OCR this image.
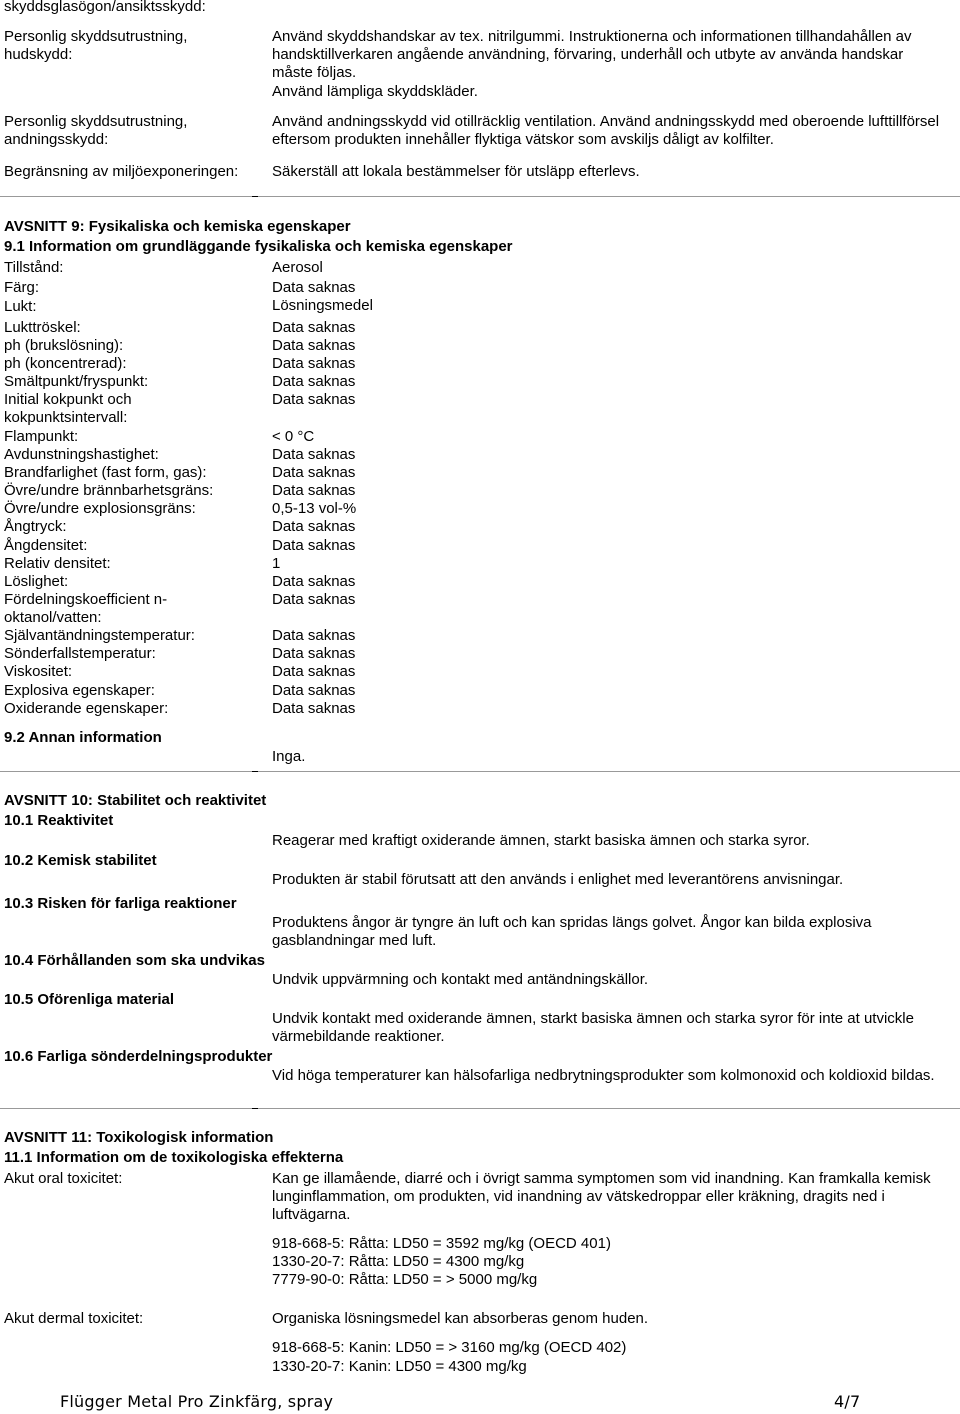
skyddsglasögon/ansiktsskydd:
Personlig skyddsutrustning, hudskydd:
Använd skyddshandskar av tex. nitrilgummi. Instruktionerna och informationen tillhandahållen av handsktillverkaren angående användning, förvaring, underhåll och utbyte av använda handskar måste följas.
Använd lämpliga skyddskläder.
Personlig skyddsutrustning, andningsskydd:
Använd andningsskydd vid otillräcklig ventilation. Använd andningsskydd med oberoende lufttillförsel eftersom produkten innehåller flyktiga vätskor som avskiljs dåligt av kolfilter.
Begränsning av miljöexponeringen:	Säkerställ att lokala bestämmelser för utsläpp efterlevs.
AVSNITT 9: Fysikaliska och kemiska egenskaper
9.1 Information om grundläggande fysikaliska och kemiska egenskaper
Tillstånd:	Aerosol
Färg:	Data saknas
Lukt:	Lösningsmedel
Lukttröskel:	Data saknas
ph (brukslösning):	Data saknas
ph (koncentrerad):	Data saknas
Smältpunkt/fryspunkt:	Data saknas
Initial kokpunkt och kokpunktsintervall:
Data saknas
Flampunkt:	< 0 °C
Avdunstningshastighet:	Data saknas
Brandfarlighet (fast form, gas):	Data saknas
Övre/undre brännbarhetsgräns:	Data saknas
Övre/undre explosionsgräns:	0,5-13 vol-%
Ångtryck:	Data saknas
Ångdensitet:	Data saknas
Relativ densitet:	1
Löslighet:	Data saknas
Fördelningskoefficient n-oktanol/vatten:
Data saknas
Självantändningstemperatur:	Data saknas
Sönderfallstemperatur:	Data saknas
Viskositet:	Data saknas
Explosiva egenskaper:	Data saknas
Oxiderande egenskaper:	Data saknas
9.2 Annan information
Inga.
AVSNITT 10: Stabilitet och reaktivitet
10.1 Reaktivitet
Reagerar med kraftigt oxiderande ämnen, starkt basiska ämnen och starka syror.
10.2 Kemisk stabilitet
Produkten är stabil förutsatt att den används i enlighet med leverantörens anvisningar.
10.3 Risken för farliga reaktioner
Produktens ångor är tyngre än luft och kan spridas längs golvet. Ångor kan bilda explosiva gasblandningar med luft.
10.4 Förhållanden som ska undvikas
Undvik uppvärmning och kontakt med antändningskällor.
10.5 Oförenliga material
Undvik kontakt med oxiderande ämnen, starkt basiska ämnen och starka syror för inte at utvickle värmebildande reaktioner.
10.6 Farliga sönderdelningsprodukter
Vid höga temperaturer kan hälsofarliga nedbrytningsprodukter som kolmonoxid och koldioxid bildas.
AVSNITT 11: Toxikologisk information
11.1 Information om de toxikologiska effekterna
Akut oral toxicitet:	Kan ge illamående, diarré och i övrigt samma symptomen som vid inandning. Kan framkalla kemisk lunginflammation, om produkten, vid inandning av vätskedroppar eller kräkning, dragits ned i luftvägarna.
918-668-5: Råtta: LD50 = 3592 mg/kg (OECD 401)
1330-20-7: Råtta: LD50 = 4300 mg/kg
7779-90-0: Råtta: LD50 = > 5000 mg/kg
Akut dermal toxicitet:	Organiska lösningsmedel kan absorberas genom huden.
918-668-5: Kanin: LD50 = > 3160 mg/kg (OECD 402)
1330-20-7: Kanin: LD50 = 4300 mg/kg
Flügger Metal Pro Zinkfärg, spray	4/7
